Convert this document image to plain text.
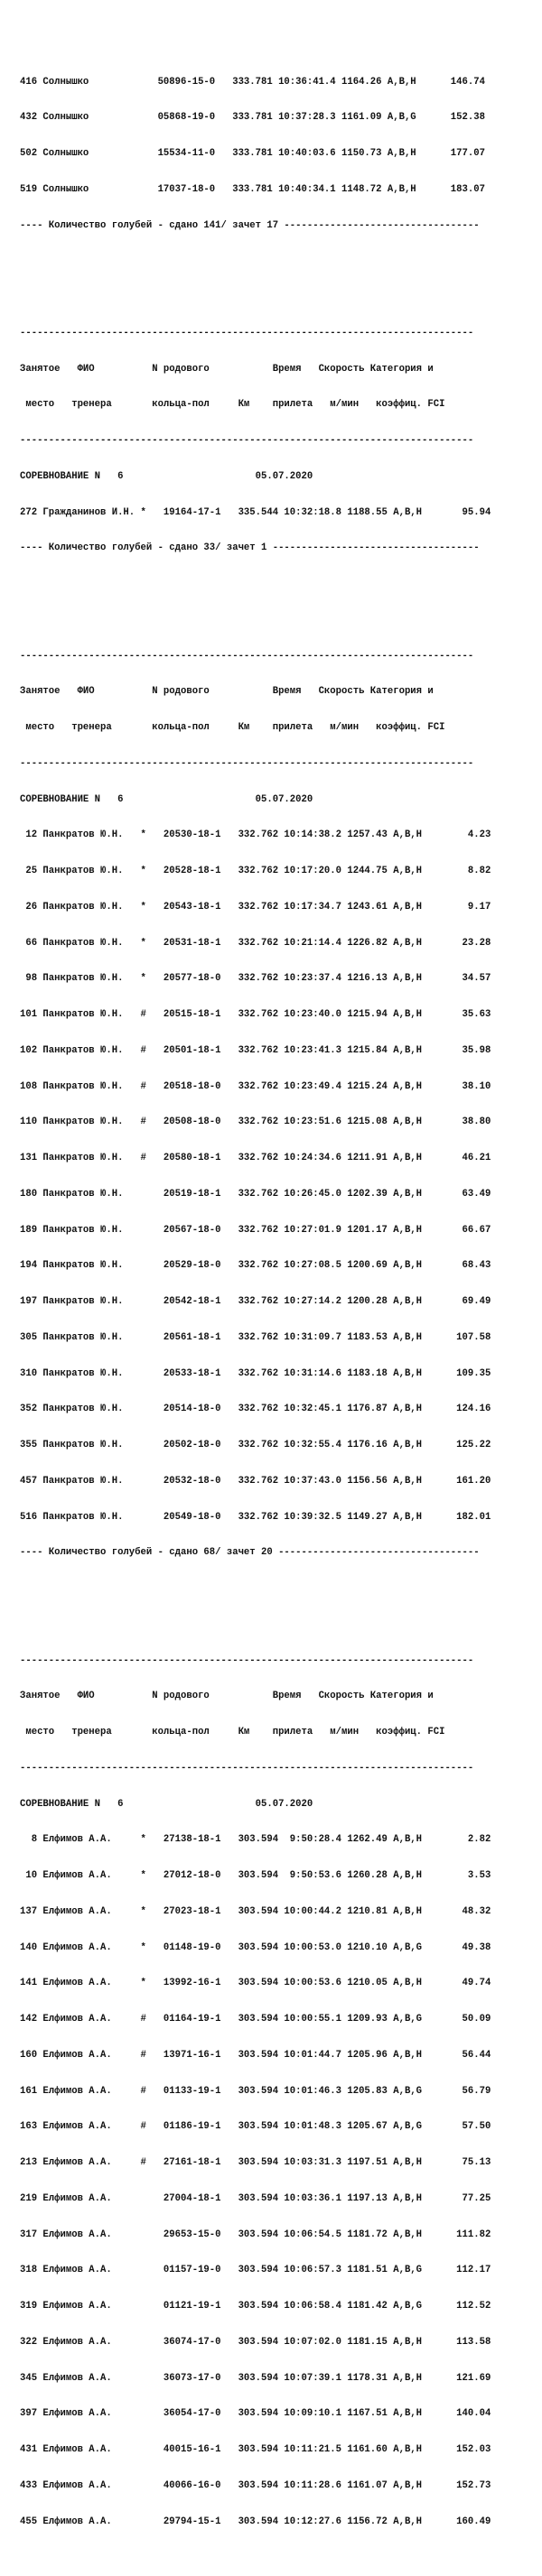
416 Солнышко            50896-15-0   333.781 10:36:41.4 1164.26 A,B,H      146.74

432 Солнышко            05868-19-0   333.781 10:37:28.3 1161.09 A,B,G      152.38

502 Солнышко            15534-11-0   333.781 10:40:03.6 1150.73 A,B,H      177.07

519 Солнышко            17037-18-0   333.781 10:40:34.1 1148.72 A,B,H      183.07

---- Количество голубей - сдано 141/ зачет 17 ----------------------------------

-------------------------------------------------------------------------------

Занятое   ФИО          N родового           Время   Скорость Категория и

место   тренера       кольца-пол     Км    прилета   м/мин   коэффиц. FCI

-------------------------------------------------------------------------------

СОРЕВНОВАНИЕ N   6                       05.07.2020

272 Гражданинов И.Н. *   19164-17-1   335.544 10:32:18.8 1188.55 A,B,H       95.94

---- Количество голубей - сдано 33/ зачет 1 ------------------------------------

-------------------------------------------------------------------------------

Занятое   ФИО          N родового           Время   Скорость Категория и

место   тренера       кольца-пол     Км    прилета   м/мин   коэффиц. FCI

-------------------------------------------------------------------------------

СОРЕВНОВАНИЕ N   6                       05.07.2020

12 Панкратов Ю.Н.   *   20530-18-1   332.762 10:14:38.2 1257.43 A,B,H        4.23

25 Панкратов Ю.Н.   *   20528-18-1   332.762 10:17:20.0 1244.75 A,B,H        8.82

26 Панкратов Ю.Н.   *   20543-18-1   332.762 10:17:34.7 1243.61 A,B,H        9.17

66 Панкратов Ю.Н.   *   20531-18-1   332.762 10:21:14.4 1226.82 A,B,H       23.28

98 Панкратов Ю.Н.   *   20577-18-0   332.762 10:23:37.4 1216.13 A,B,H       34.57

101 Панкратов Ю.Н.   #   20515-18-1   332.762 10:23:40.0 1215.94 A,B,H       35.63

102 Панкратов Ю.Н.   #   20501-18-1   332.762 10:23:41.3 1215.84 A,B,H       35.98

108 Панкратов Ю.Н.   #   20518-18-0   332.762 10:23:49.4 1215.24 A,B,H       38.10

110 Панкратов Ю.Н.   #   20508-18-0   332.762 10:23:51.6 1215.08 A,B,H       38.80

131 Панкратов Ю.Н.   #   20580-18-1   332.762 10:24:34.6 1211.91 A,B,H       46.21

180 Панкратов Ю.Н.       20519-18-1   332.762 10:26:45.0 1202.39 A,B,H       63.49

189 Панкратов Ю.Н.       20567-18-0   332.762 10:27:01.9 1201.17 A,B,H       66.67

194 Панкратов Ю.Н.       20529-18-0   332.762 10:27:08.5 1200.69 A,B,H       68.43

197 Панкратов Ю.Н.       20542-18-1   332.762 10:27:14.2 1200.28 A,B,H       69.49

305 Панкратов Ю.Н.       20561-18-1   332.762 10:31:09.7 1183.53 A,B,H      107.58

310 Панкратов Ю.Н.       20533-18-1   332.762 10:31:14.6 1183.18 A,B,H      109.35

352 Панкратов Ю.Н.       20514-18-0   332.762 10:32:45.1 1176.87 A,B,H      124.16

355 Панкратов Ю.Н.       20502-18-0   332.762 10:32:55.4 1176.16 A,B,H      125.22

457 Панкратов Ю.Н.       20532-18-0   332.762 10:37:43.0 1156.56 A,B,H      161.20

516 Панкратов Ю.Н.       20549-18-0   332.762 10:39:32.5 1149.27 A,B,H      182.01

---- Количество голубей - сдано 68/ зачет 20 -----------------------------------

-------------------------------------------------------------------------------

Занятое   ФИО          N родового           Время   Скорость Категория и

место   тренера       кольца-пол     Км    прилета   м/мин   коэффиц. FCI

-------------------------------------------------------------------------------

СОРЕВНОВАНИЕ N   6                       05.07.2020

8 Елфимов А.А.     *   27138-18-1   303.594  9:50:28.4 1262.49 A,B,H        2.82

10 Елфимов А.А.     *   27012-18-0   303.594  9:50:53.6 1260.28 A,B,H        3.53

137 Елфимов А.А.     *   27023-18-1   303.594 10:00:44.2 1210.81 A,B,H       48.32

140 Елфимов А.А.     *   01148-19-0   303.594 10:00:53.0 1210.10 A,B,G       49.38

141 Елфимов А.А.     *   13992-16-1   303.594 10:00:53.6 1210.05 A,B,H       49.74

142 Елфимов А.А.     #   01164-19-1   303.594 10:00:55.1 1209.93 A,B,G       50.09

160 Елфимов А.А.     #   13971-16-1   303.594 10:01:44.7 1205.96 A,B,H       56.44

161 Елфимов А.А.     #   01133-19-1   303.594 10:01:46.3 1205.83 A,B,G       56.79

163 Елфимов А.А.     #   01186-19-1   303.594 10:01:48.3 1205.67 A,B,G       57.50

213 Елфимов А.А.     #   27161-18-1   303.594 10:03:31.3 1197.51 A,B,H       75.13

219 Елфимов А.А.         27004-18-1   303.594 10:03:36.1 1197.13 A,B,H       77.25

317 Елфимов А.А.         29653-15-0   303.594 10:06:54.5 1181.72 A,B,H      111.82

318 Елфимов А.А.         01157-19-0   303.594 10:06:57.3 1181.51 A,B,G      112.17

319 Елфимов А.А.         01121-19-1   303.594 10:06:58.4 1181.42 A,B,G      112.52

322 Елфимов А.А.         36074-17-0   303.594 10:07:02.0 1181.15 A,B,H      113.58

345 Елфимов А.А.         36073-17-0   303.594 10:07:39.1 1178.31 A,B,H      121.69

397 Елфимов А.А.         36054-17-0   303.594 10:09:10.1 1167.51 A,B,H      140.04

431 Елфимов А.А.         40015-16-1   303.594 10:11:21.5 1161.60 A,B,H      152.03

433 Елфимов А.А.         40066-16-0   303.594 10:11:28.6 1161.07 A,B,H      152.73

455 Елфимов А.А.         29794-15-1   303.594 10:12:27.6 1156.72 A,B,H      160.49
